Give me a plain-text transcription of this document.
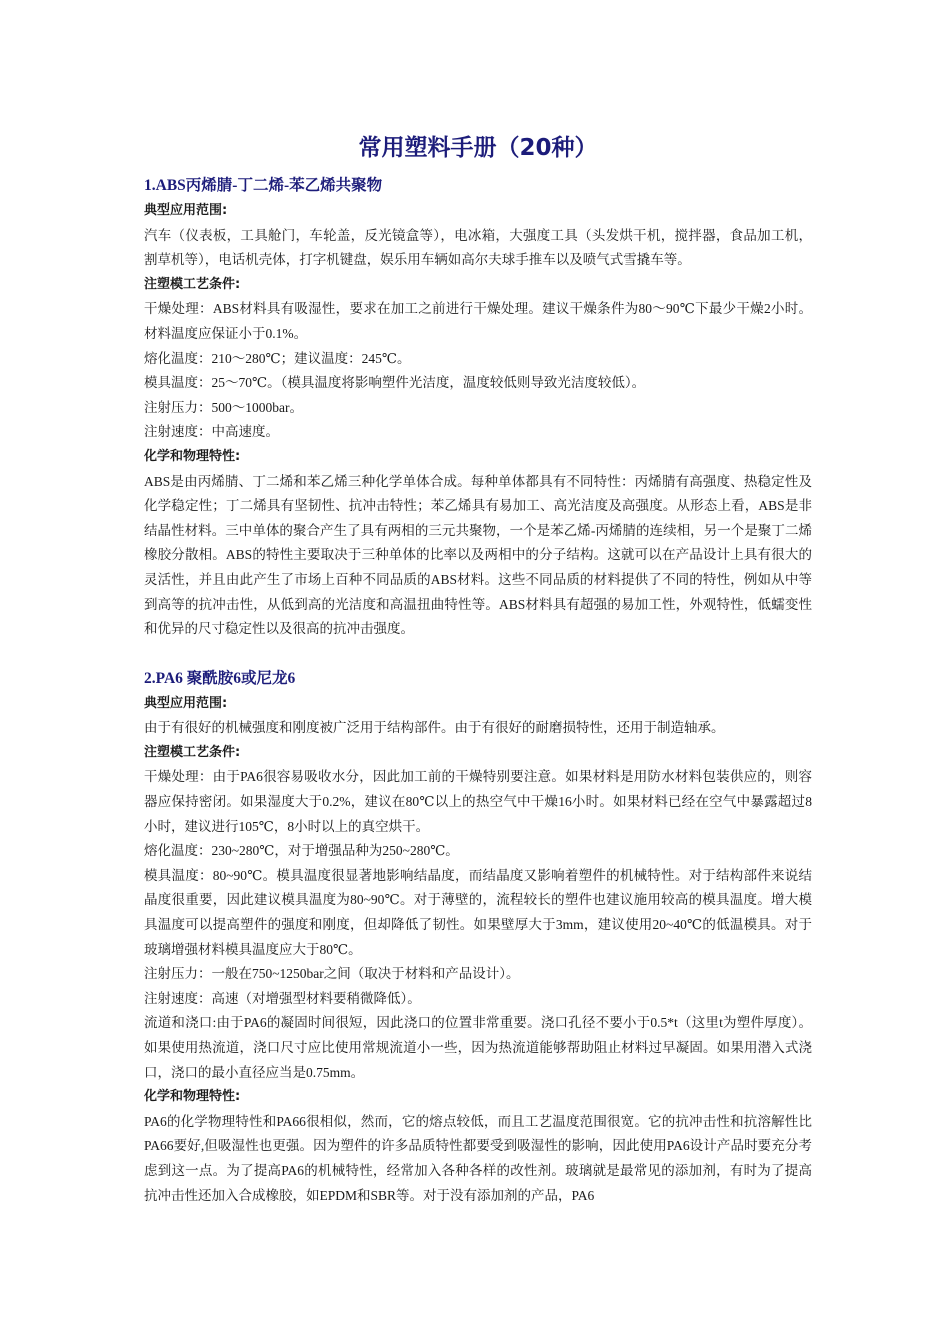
常用塑料手册（20种）
1.ABS丙烯腈-丁二烯-苯乙烯共聚物
典型应用范围:

汽车（仪表板，工具舱门，车轮盖，反光镜盒等），电冰箱，大强度工具（头发烘干机，搅拌器，食品加工机，割草机等），电话机壳体，打字机键盘，娱乐用车辆如高尔夫球手推车以及喷气式雪撬车等。

注塑模工艺条件:

干燥处理：ABS材料具有吸湿性，要求在加工之前进行干燥处理。建议干燥条件为80～90℃下最少干燥2小时。材料温度应保证小于0.1%。

熔化温度：210～280℃；建议温度：245℃。

模具温度：25～70℃。（模具温度将影响塑件光洁度，温度较低则导致光洁度较低）。

注射压力：500～1000bar。

注射速度：中高速度。

化学和物理特性:

ABS是由丙烯腈、丁二烯和苯乙烯三种化学单体合成。每种单体都具有不同特性：丙烯腈有高强度、热稳定性及化学稳定性；丁二烯具有坚韧性、抗冲击特性；苯乙烯具有易加工、高光洁度及高强度。从形态上看，ABS是非结晶性材料。三中单体的聚合产生了具有两相的三元共聚物，一个是苯乙烯-丙烯腈的连续相，另一个是聚丁二烯橡胶分散相。ABS的特性主要取决于三种单体的比率以及两相中的分子结构。这就可以在产品设计上具有很大的灵活性，并且由此产生了市场上百种不同品质的ABS材料。这些不同品质的材料提供了不同的特性，例如从中等到高等的抗冲击性，从低到高的光洁度和高温扭曲特性等。ABS材料具有超强的易加工性，外观特性，低蠕变性和优异的尺寸稳定性以及很高的抗冲击强度。

2.PA6 聚酰胺6或尼龙6
典型应用范围:

由于有很好的机械强度和刚度被广泛用于结构部件。由于有很好的耐磨损特性，还用于制造轴承。

注塑模工艺条件:

干燥处理：由于PA6很容易吸收水分，因此加工前的干燥特别要注意。如果材料是用防水材料包装供应的，则容器应保持密闭。如果湿度大于0.2%，建议在80℃以上的热空气中干燥16小时。如果材料已经在空气中暴露超过8小时，建议进行105℃，8小时以上的真空烘干。

熔化温度：230~280℃，对于增强品种为250~280℃。

模具温度：80~90℃。模具温度很显著地影响结晶度，而结晶度又影响着塑件的机械特性。对于结构部件来说结晶度很重要，因此建议模具温度为80~90℃。对于薄壁的，流程较长的塑件也建议施用较高的模具温度。增大模具温度可以提高塑件的强度和刚度，但却降低了韧性。如果壁厚大于3mm，建议使用20~40℃的低温模具。对于玻璃增强材料模具温度应大于80℃。

注射压力：一般在750~1250bar之间（取决于材料和产品设计）。

注射速度：高速（对增强型材料要稍微降低）。

流道和浇口:由于PA6的凝固时间很短，因此浇口的位置非常重要。浇口孔径不要小于0.5*t（这里t为塑件厚度）。如果使用热流道，浇口尺寸应比使用常规流道小一些，因为热流道能够帮助阻止材料过早凝固。如果用潜入式浇口，浇口的最小直径应当是0.75mm。

化学和物理特性:

PA6的化学物理特性和PA66很相似，然而，它的熔点较低，而且工艺温度范围很宽。它的抗冲击性和抗溶解性比PA66要好,但吸湿性也更强。因为塑件的许多品质特性都要受到吸湿性的影响，因此使用PA6设计产品时要充分考虑到这一点。为了提高PA6的机械特性，经常加入各种各样的改性剂。玻璃就是最常见的添加剂，有时为了提高抗冲击性还加入合成橡胶，如EPDM和SBR等。对于没有添加剂的产品，PA6
